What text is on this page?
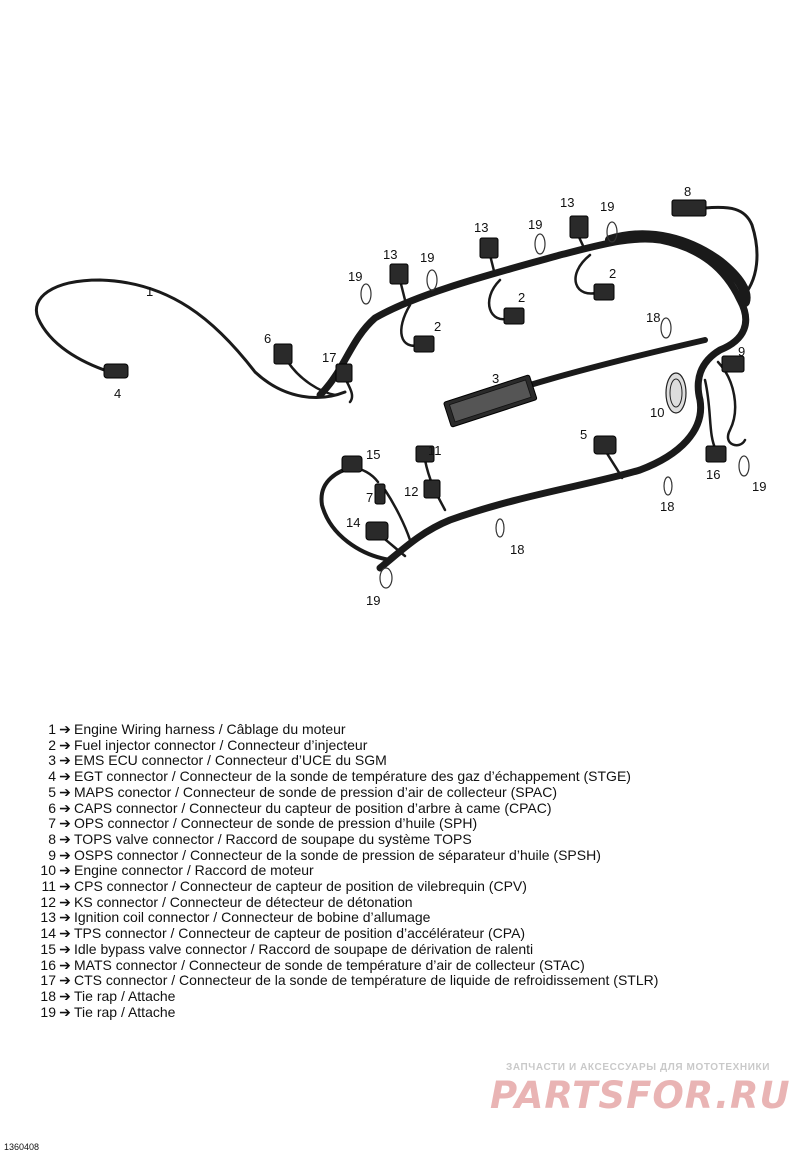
1
2
2
2
3
4
5
6
7
8
9
10
11
12
13
13
13
14
15
16
17
18
18
18
19
19
19
19
19
19
1 ➔ Engine Wiring harness / Câblage du moteur
2 ➔ Fuel injector connector / Connecteur d’injecteur
3 ➔ EMS ECU connector / Connecteur d’UCE du SGM
4 ➔ EGT connector / Connecteur de la sonde de température des gaz d’échappement (STGE)
5 ➔ MAPS conector / Connecteur de sonde de pression d’air de collecteur (SPAC)
6 ➔ CAPS connector / Connecteur du capteur de position d’arbre à came (CPAC)
7 ➔ OPS connector / Connecteur de sonde de pression d’huile (SPH)
8 ➔ TOPS valve connector / Raccord de soupape du système TOPS
9 ➔ OSPS connector / Connecteur de la sonde de pression de séparateur d’huile (SPSH)
10 ➔ Engine connector / Raccord de moteur
11 ➔ CPS connector / Connecteur de capteur de position de vilebrequin (CPV)
12 ➔ KS connector / Connecteur de détecteur de détonation
13 ➔ Ignition coil connector / Connecteur de bobine d’allumage
14 ➔ TPS connector / Connecteur de capteur de position d’accélérateur (CPA)
15 ➔ Idle bypass valve connector / Raccord de soupape de dérivation de ralenti
16 ➔ MATS connector / Connecteur de sonde de température d’air de collecteur (STAC)
17 ➔ CTS connector / Connecteur de la sonde de température de liquide de refroidissement (STLR)
18 ➔ Tie rap / Attache
19 ➔ Tie rap / Attache
ЗАПЧАСТИ И АКСЕССУАРЫ ДЛЯ МОТОТЕХНИКИ
PARTSFOR.RU
1360408
